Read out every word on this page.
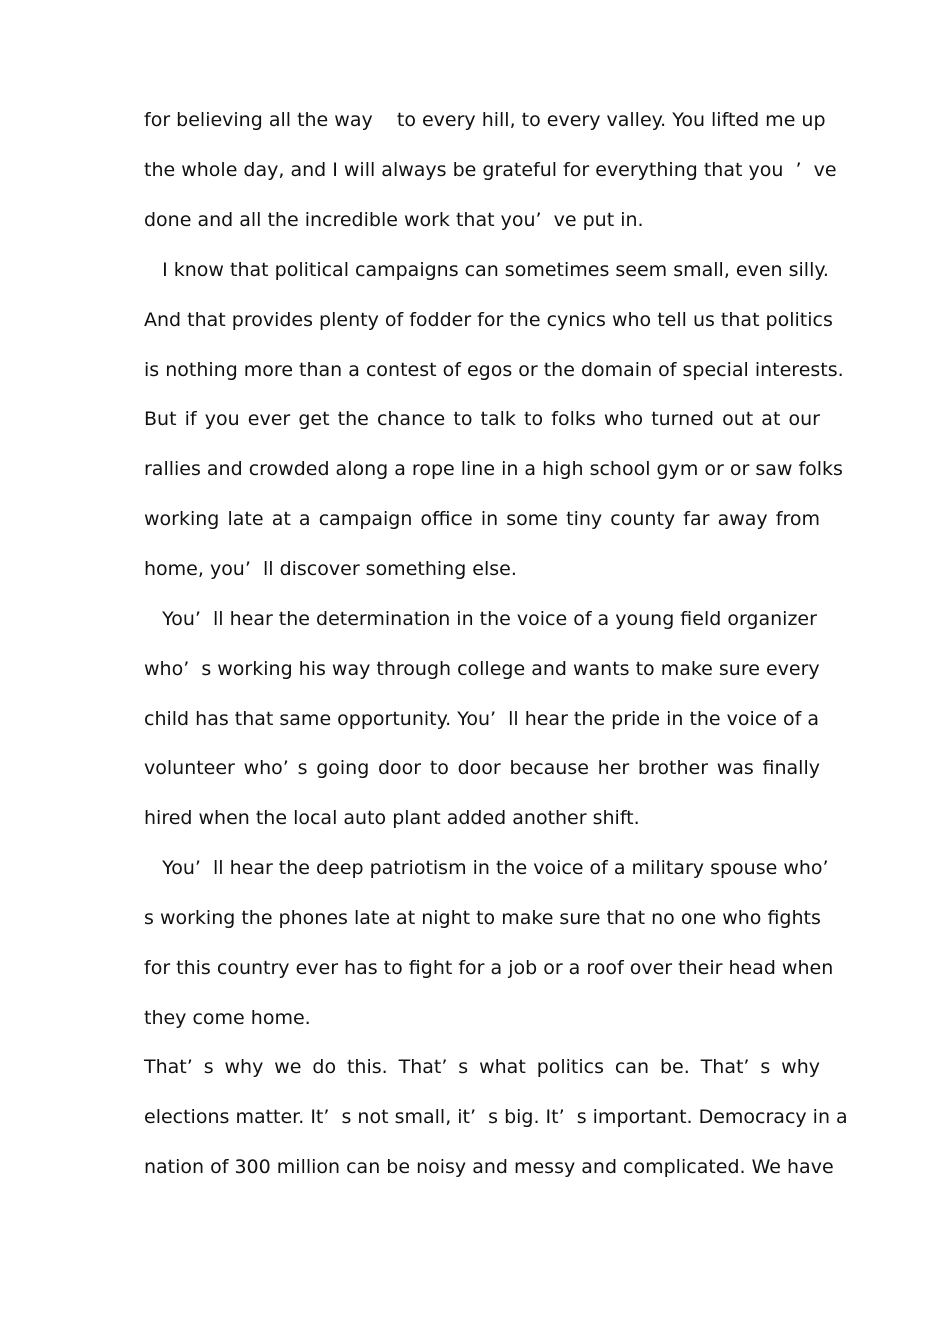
for believing all the way    to every hill, to every valley. You lifted me up

the whole day, and I will always be grateful for everything that you  ’  ve

done and all the incredible work that you’  ve put in.

I know that political campaigns can sometimes seem small, even silly.

And that provides plenty of fodder for the cynics who tell us that politics

is nothing more than a contest of egos or the domain of special interests.

But if you ever get the chance to talk to folks who turned out at our

rallies and crowded along a rope line in a high school gym or or saw folks

working late at a campaign office in some tiny county far away from

home, you’  ll discover something else.

You’  ll hear the determination in the voice of a young field organizer

who’  s working his way through college and wants to make sure every

child has that same opportunity. You’  ll hear the pride in the voice of a

volunteer who’ s going door to door because her brother was finally

hired when the local auto plant added another shift.

You’  ll hear the deep patriotism in the voice of a military spouse who’

s working the phones late at night to make sure that no one who fights

for this country ever has to fight for a job or a roof over their head when

they come home.

That’ s why we do this. That’ s what politics can be. That’ s why

elections matter. It’  s not small, it’  s big. It’  s important. Democracy in a

nation of 300 million can be noisy and messy and complicated. We have
